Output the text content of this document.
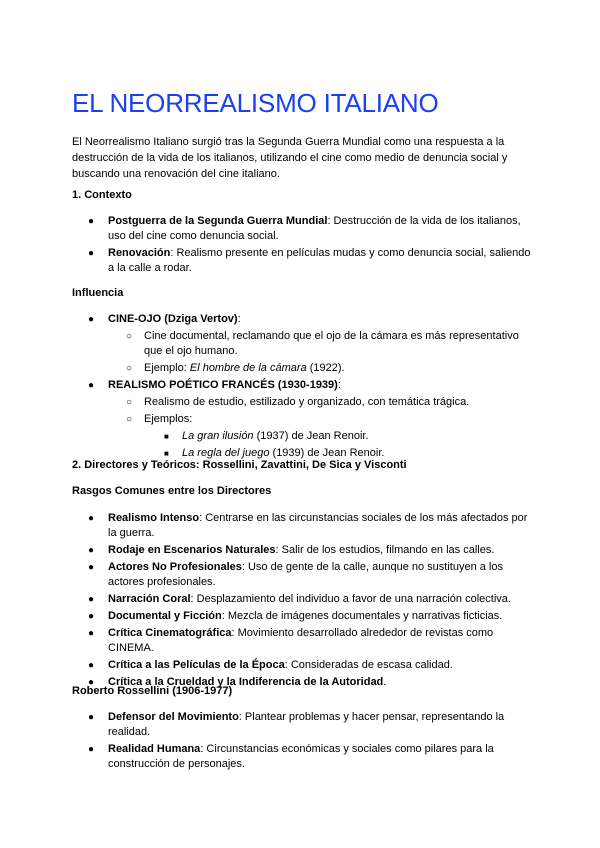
EL NEORREALISMO ITALIANO

El Neorrealismo Italiano surgió tras la Segunda Guerra Mundial como una respuesta a la destrucción de la vida de los italianos, utilizando el cine como medio de denuncia social y buscando una renovación del cine italiano.

1. Contexto

● Postguerra de la Segunda Guerra Mundial: Destrucción de la vida de los italianos, uso del cine como denuncia social.
● Renovación: Realismo presente en películas mudas y como denuncia social, saliendo a la calle a rodar.

Influencia

● CINE-OJO (Dziga Vertov):
○ Cine documental, reclamando que el ojo de la cámara es más representativo que el ojo humano.
○ Ejemplo: El hombre de la cámara (1922).
● REALISMO POÉTICO FRANCÉS (1930-1939):
○ Realismo de estudio, estilizado y organizado, con temática trágica.
○ Ejemplos:
■ La gran ilusión (1937) de Jean Renoir.
■ La regla del juego (1939) de Jean Renoir.

2. Directores y Teóricos: Rossellini, Zavattini, De Sica y Visconti

Rasgos Comunes entre los Directores

● Realismo Intenso: Centrarse en las circunstancias sociales de los más afectados por la guerra.
● Rodaje en Escenarios Naturales: Salir de los estudios, filmando en las calles.
● Actores No Profesionales: Uso de gente de la calle, aunque no sustituyen a los actores profesionales.
● Narración Coral: Desplazamiento del individuo a favor de una narración colectiva.
● Documental y Ficción: Mezcla de imágenes documentales y narrativas ficticias.
● Crítica Cinematográfica: Movimiento desarrollado alrededor de revistas como CINEMA.
● Crítica a las Películas de la Época: Consideradas de escasa calidad.
● Crítica a la Crueldad y la Indiferencia de la Autoridad.

Roberto Rossellini (1906-1977)

● Defensor del Movimiento: Plantear problemas y hacer pensar, representando la realidad.
● Realidad Humana: Circunstancias económicas y sociales como pilares para la construcción de personajes.
